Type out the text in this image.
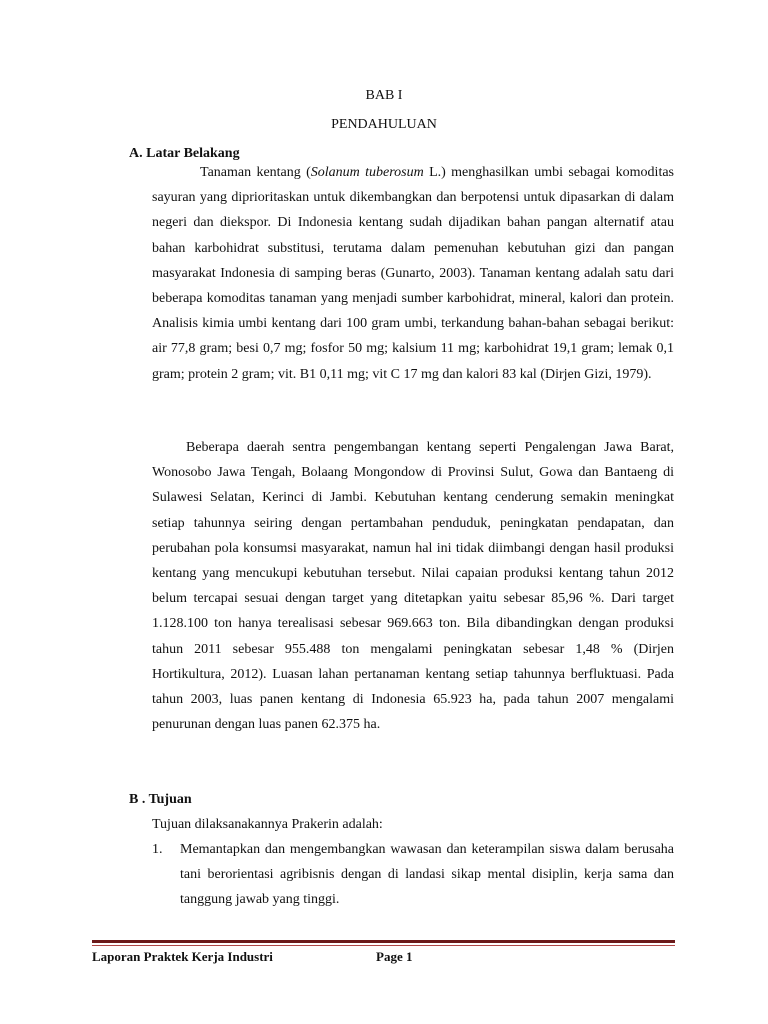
BAB I
PENDAHULUAN
A. Latar Belakang

Tanaman kentang (Solanum tuberosum L.) menghasilkan umbi sebagai komoditas sayuran yang diprioritaskan untuk dikembangkan dan berpotensi untuk dipasarkan di dalam negeri dan diekspor. Di Indonesia kentang sudah dijadikan bahan pangan alternatif atau bahan karbohidrat substitusi, terutama dalam pemenuhan kebutuhan gizi dan pangan masyarakat Indonesia di samping beras (Gunarto, 2003). Tanaman kentang adalah satu dari beberapa komoditas tanaman yang menjadi sumber karbohidrat, mineral, kalori dan protein. Analisis kimia umbi kentang dari 100 gram umbi, terkandung bahan-bahan sebagai berikut: air 77,8 gram; besi 0,7 mg; fosfor 50 mg; kalsium 11 mg; karbohidrat 19,1 gram; lemak 0,1 gram; protein 2 gram; vit. B1 0,11 mg; vit C 17 mg dan kalori 83 kal (Dirjen Gizi, 1979).

Beberapa daerah sentra pengembangan kentang seperti Pengalengan Jawa Barat, Wonosobo Jawa Tengah, Bolaang Mongondow di Provinsi Sulut, Gowa dan Bantaeng di Sulawesi Selatan, Kerinci di Jambi. Kebutuhan kentang cenderung semakin meningkat setiap tahunnya seiring dengan pertambahan penduduk, peningkatan pendapatan, dan perubahan pola konsumsi masyarakat, namun hal ini tidak diimbangi dengan hasil produksi kentang yang mencukupi kebutuhan tersebut. Nilai capaian produksi kentang tahun 2012 belum tercapai sesuai dengan target yang ditetapkan yaitu sebesar 85,96 %. Dari target 1.128.100 ton hanya terealisasi sebesar 969.663 ton. Bila dibandingkan dengan produksi tahun 2011 sebesar 955.488 ton mengalami peningkatan sebesar 1,48 % (Dirjen Hortikultura, 2012). Luasan lahan pertanaman kentang setiap tahunnya berfluktuasi. Pada tahun 2003, luas panen kentang di Indonesia 65.923 ha, pada tahun 2007 mengalami penurunan dengan luas panen 62.375 ha.

B . Tujuan
Tujuan dilaksanakannya Prakerin adalah:
1. Memantapkan dan mengembangkan wawasan dan keterampilan siswa dalam berusaha tani berorientasi agribisnis dengan di landasi sikap mental disiplin, kerja sama dan tanggung jawab yang tinggi.

Laporan Praktek Kerja Industri	Page 1
